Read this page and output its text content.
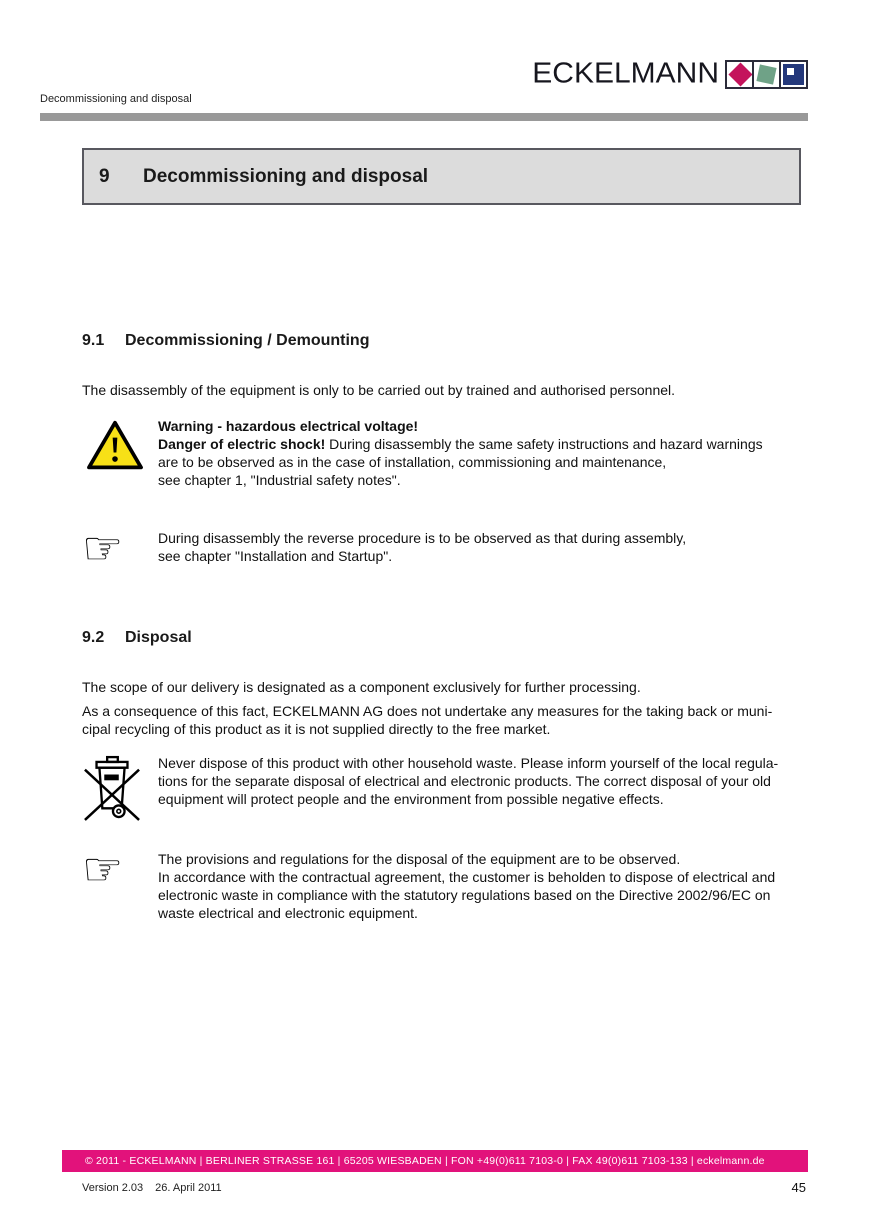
Decommissioning and disposal
ECKELMANN
9	Decommissioning and disposal
9.1	Decommissioning / Demounting
The disassembly of the equipment is only to be carried out by trained and authorised personnel.
Warning - hazardous electrical voltage!
Danger of electric shock! During disassembly the same safety instructions and hazard warnings
are to be observed as in the case of installation, commissioning and maintenance,
see chapter 1, "Industrial safety notes".
☞	During disassembly the reverse procedure is to be observed as that during assembly,
see chapter "Installation and Startup".
9.2	Disposal
The scope of our delivery is designated as a component exclusively for further processing.
As a consequence of this fact, ECKELMANN AG does not undertake any measures for the taking back or muni-
cipal recycling of this product as it is not supplied directly to the free market.
Never dispose of this product with other household waste. Please inform yourself of the local regula-
tions for the separate disposal of electrical and electronic products. The correct disposal of your old
equipment will protect people and the environment from possible negative effects.
☞	The provisions and regulations for the disposal of the equipment are to be observed.
In accordance with the contractual agreement, the customer is beholden to dispose of electrical and
electronic waste in compliance with the statutory regulations based on the Directive 2002/96/EC on
waste electrical and electronic equipment.
© 2011 - ECKELMANN | BERLINER STRASSE 161 | 65205 WIESBADEN | FON +49(0)611 7103-0 | FAX 49(0)611 7103-133 | eckelmann.de
Version 2.03 26. April 2011	45
